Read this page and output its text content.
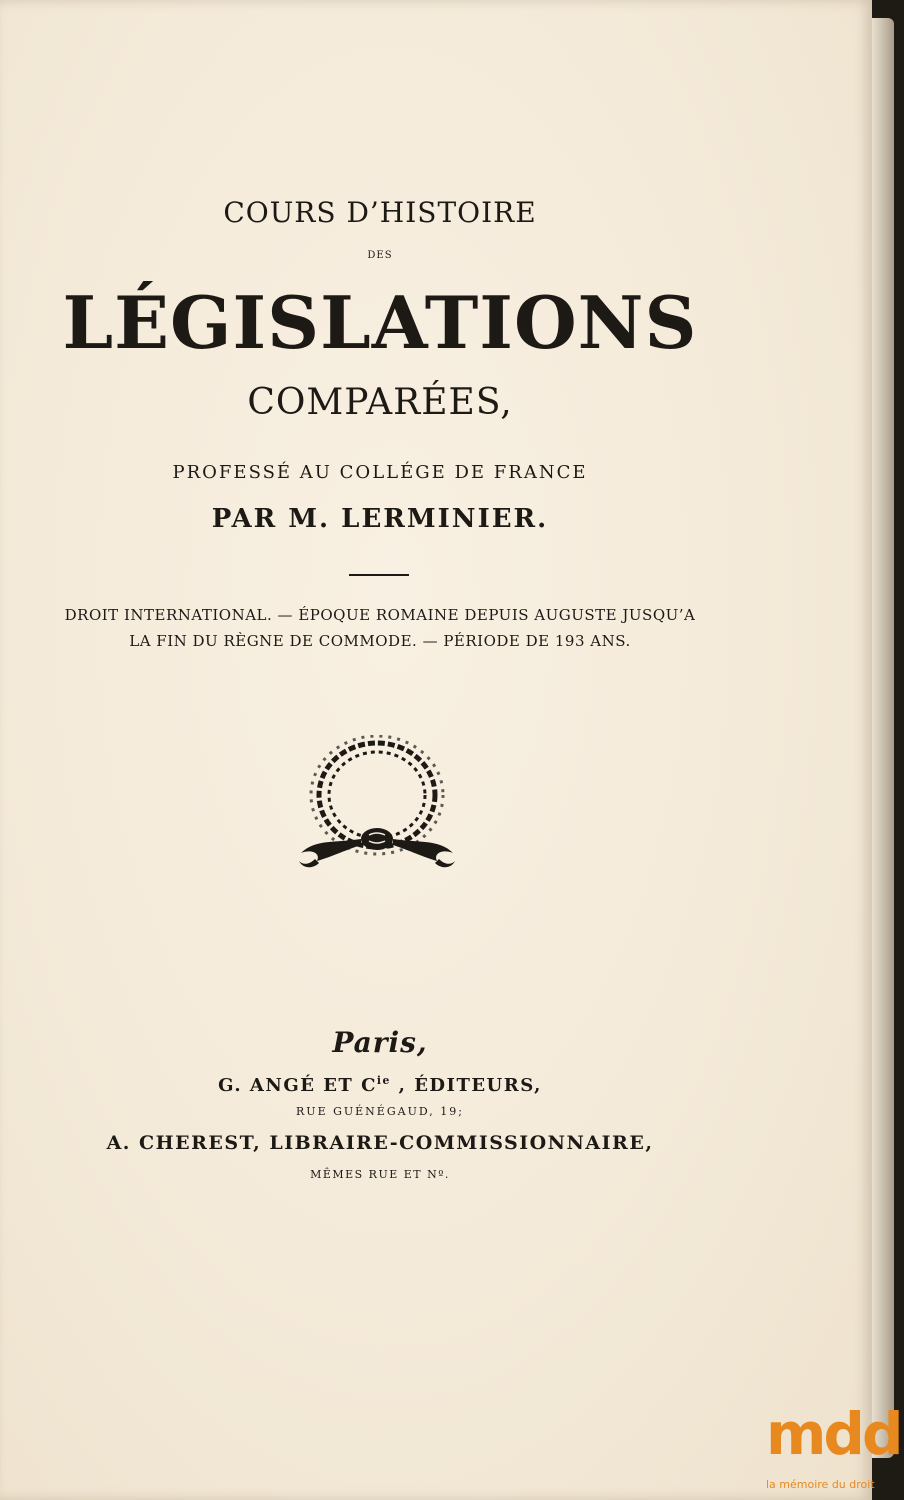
COURS D’HISTOIRE
DES
LÉGISLATIONS
COMPARÉES,
PROFESSÉ AU COLLÉGE DE FRANCE
PAR M. LERMINIER.
DROIT INTERNATIONAL. — ÉPOQUE ROMAINE DEPUIS AUGUSTE JUSQU’A
LA FIN DU RÈGNE DE COMMODE. — PÉRIODE DE 193 ANS.
Paris,
G. ANGÉ ET $C^{ie}$ , ÉDITEURS,
RUE GUÉNÉGAUD, 19;
A. CHEREST, LIBRAIRE-COMMISSIONNAIRE,
MÊMES RUE ET Nº.
mdd
la mémoire du droit
